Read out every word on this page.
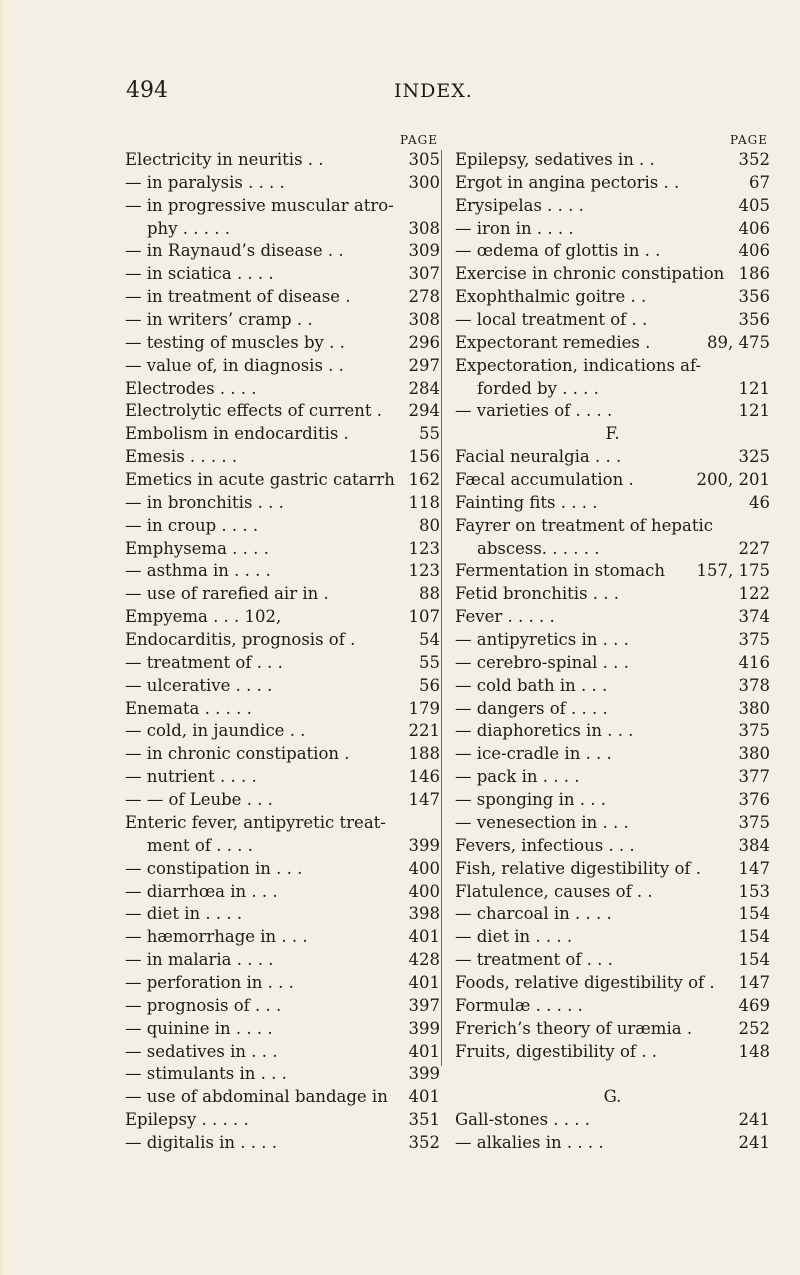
494	INDEX.
PAGE
Electricity in neuritis . .	305
— in paralysis . . . .	300
— in progressive muscular atro-
phy . . . . .	308
— in Raynaud’s disease . .	309
— in sciatica . . . .	307
— in treatment of disease .	278
— in writers’ cramp . .	308
— testing of muscles by . .	296
— value of, in diagnosis . .	297
Electrodes . . . .	284
Electrolytic effects of current . 294
Embolism in endocarditis .	55
Emesis . . . . .	156
Emetics in acute gastric catarrh 162
— in bronchitis . . .	118
— in croup . . . .	80
Emphysema . . . .	123
— asthma in . . . .	123
— use of rarefied air in .	88
Empyema . . . 102,	107
Endocarditis, prognosis of .	54
— treatment of . . .	55
— ulcerative . . . .	56
Enemata . . . . .	179
— cold, in jaundice . .	221
— in chronic constipation .	188
— nutrient . . . .	146
— — of Leube . . .	147
Enteric fever, antipyretic treat-
ment of . . . .	399
— constipation in . . .	400
— diarrhœa in . . .	400
— diet in . . . .	398
— hæmorrhage in . . .	401
— in malaria . . . .	428
— perforation in . . .	401
— prognosis of . . .	397
— quinine in . . . .	399
— sedatives in . . .	401
— stimulants in . . .	399
— use of abdominal bandage in 401
Epilepsy . . . . .	351
— digitalis in . . . .	352
PAGE
Epilepsy, sedatives in . .	352
Ergot in angina pectoris . .	67
Erysipelas . . . .	405
— iron in . . . .	406
— œdema of glottis in . .	406
Exercise in chronic constipation 186
Exophthalmic goitre . .	356
— local treatment of . .	356
Expectorant remedies .	89, 475
Expectoration, indications af-
forded by . . . .	121
— varieties of . . . .	121
F.
Facial neuralgia . . .	325
Fæcal accumulation .	200, 201
Fainting fits . . . .	46
Fayrer on treatment of hepatic
abscess. . . . . .	227
Fermentation in stomach 157, 175
Fetid bronchitis . . .	122
Fever . . . . .	374
— antipyretics in . . .	375
— cerebro-spinal . . .	416
— cold bath in . . .	378
— dangers of . . . .	380
— diaphoretics in . . .	375
— ice-cradle in . . .	380
— pack in . . . .	377
— sponging in . . .	376
— venesection in . . .	375
Fevers, infectious . . .	384
Fish, relative digestibility of . 147
Flatulence, causes of . .	153
— charcoal in . . . .	154
— diet in . . . .	154
— treatment of . . .	154
Foods, relative digestibility of . 147
Formulæ . . . . .	469
Frerich’s theory of uræmia .	252
Fruits, digestibility of . .	148
G.
Gall-stones . . . .	241
— alkalies in . . . .	241
